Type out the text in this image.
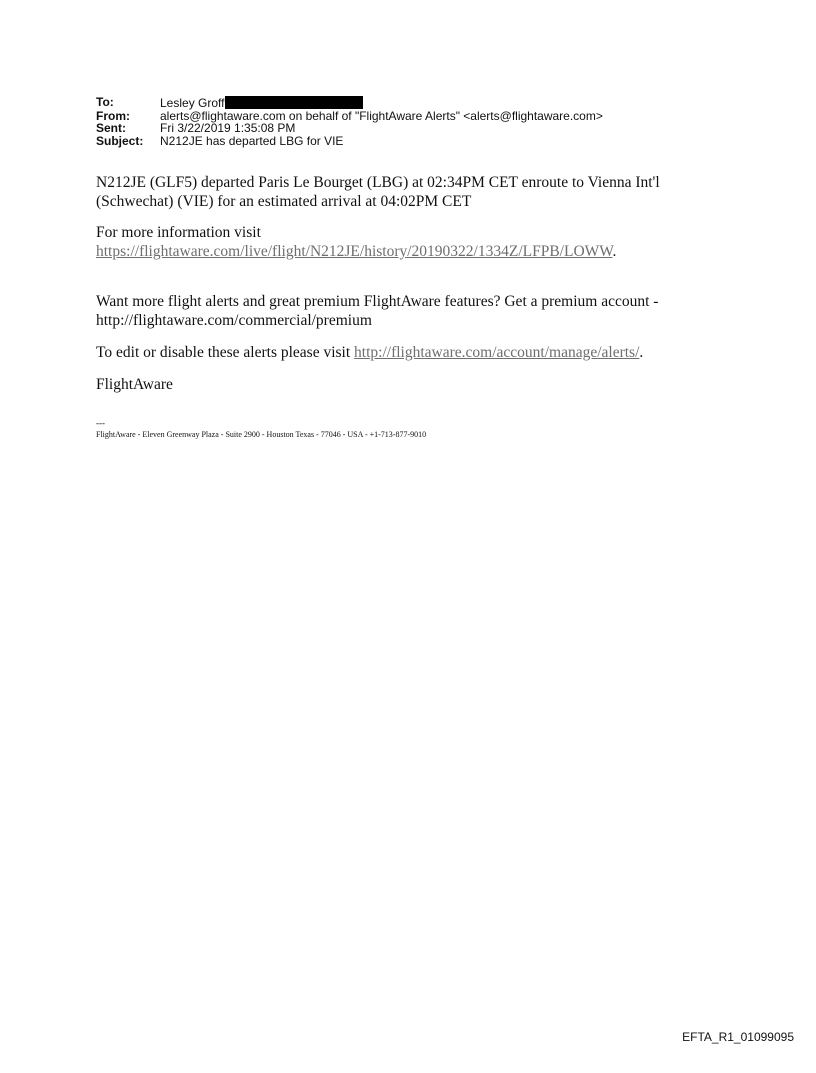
To:	Lesley Groff
From:	alerts@flightaware.com on behalf of "FlightAware Alerts" <alerts@flightaware.com>
Sent:	Fri 3/22/2019 1:35:08 PM
Subject:	N212JE has departed LBG for VIE

N212JE (GLF5) departed Paris Le Bourget (LBG) at 02:34PM CET enroute to Vienna Int'l (Schwechat) (VIE) for an estimated arrival at 04:02PM CET

For more information visit
https://flightaware.com/live/flight/N212JE/history/20190322/1334Z/LFPB/LOWW.

Want more flight alerts and great premium FlightAware features? Get a premium account - http://flightaware.com/commercial/premium

To edit or disable these alerts please visit http://flightaware.com/account/manage/alerts/.

FlightAware

---
FlightAware - Eleven Greenway Plaza - Suite 2900 - Houston Texas - 77046 - USA - +1-713-877-9010
EFTA_R1_01099095
